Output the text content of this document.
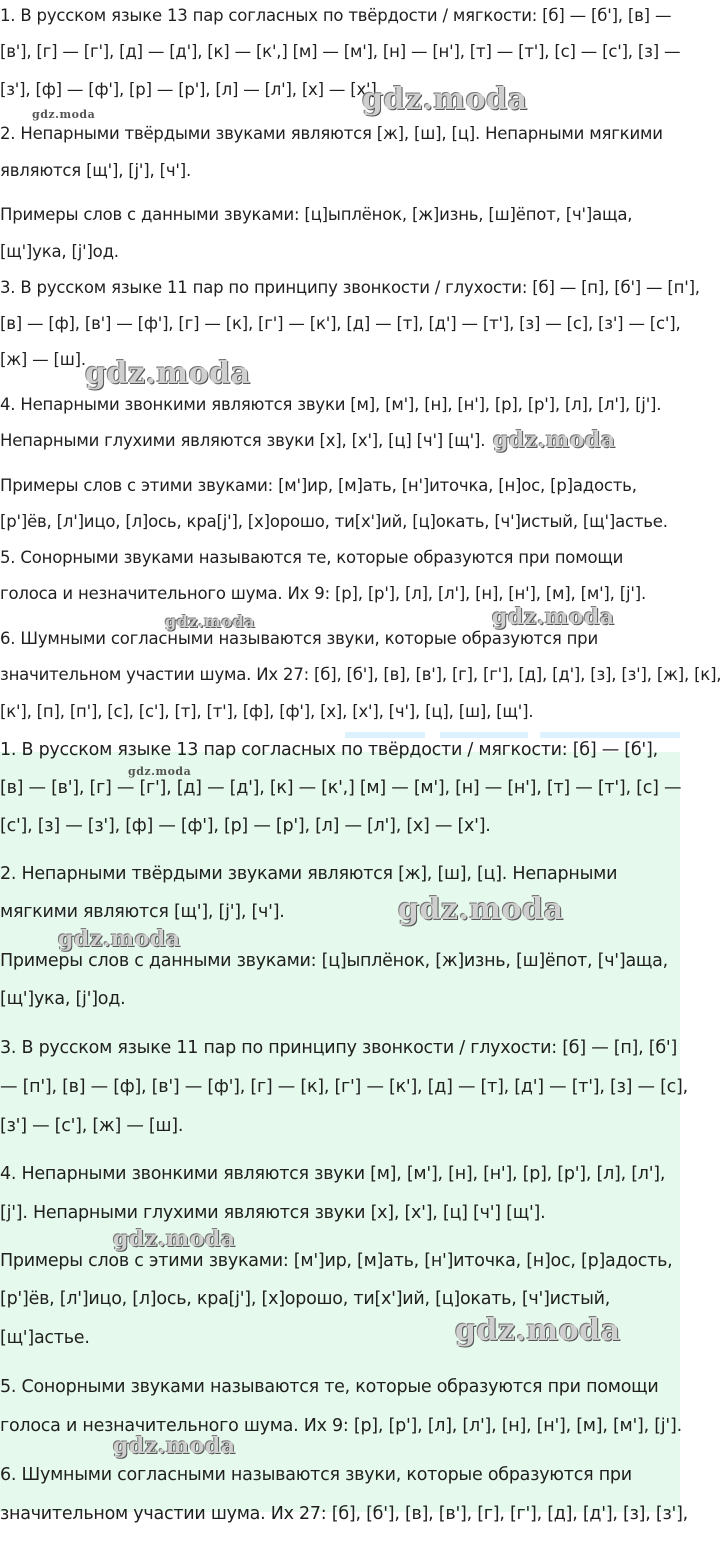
1. В русском языке 13 пар согласных по твёрдости / мягкости: [б] — [б'], [в] —
[в'], [г] — [г'], [д] — [д'], [к] — [к',] [м] — [м'], [н] — [н'], [т] — [т'], [с] — [с'], [з] —
[з'], [ф] — [ф'], [р] — [р'], [л] — [л'], [х] — [х'].
2. Непарными твёрдыми звуками являются [ж], [ш], [ц]. Непарными мягкими
являются [щ'], [j'], [ч'].
Примеры слов с данными звуками: [ц]ыплёнок, [ж]изнь, [ш]ёпот, [ч']аща,
[щ']ука, [j']од.
3. В русском языке 11 пар по принципу звонкости / глухости: [б] — [п], [б'] — [п'],
[в] — [ф], [в'] — [ф'], [г] — [к], [г'] — [к'], [д] — [т], [д'] — [т'], [з] — [с], [з'] — [с'],
[ж] — [ш].
4. Непарными звонкими являются звуки [м], [м'], [н], [н'], [р], [р'], [л], [л'], [j'].
Непарными глухими являются звуки [х], [х'], [ц] [ч'] [щ'].
Примеры слов с этими звуками: [м']ир, [м]ать, [н']иточка, [н]ос, [р]адость,
[р']ёв, [л']ицо, [л]ось, кра[j'], [х]орошо, ти[х']ий, [ц]окать, [ч']истый, [щ']астье.
5. Сонорными звуками называются те, которые образуются при помощи
голоса и незначительного шума. Их 9: [р], [р'], [л], [л'], [н], [н'], [м], [м'], [j'].
6. Шумными согласными называются звуки, которые образуются при
значительном участии шума. Их 27: [б], [б'], [в], [в'], [г], [г'], [д], [д'], [з], [з'], [ж], [к],
[к'], [п], [п'], [с], [с'], [т], [т'], [ф], [ф'], [х], [х'], [ч'], [ц], [ш], [щ'].
gdz.moda	gdz.moda
gdz.moda
gdz.moda
gdz.moda	gdz.moda
1. В русском языке 13 пар согласных по твёрдости / мягкости: [б] — [б'],
[в] — [в'], [г] — [г'], [д] — [д'], [к] — [к',] [м] — [м'], [н] — [н'], [т] — [т'], [с] —
[с'], [з] — [з'], [ф] — [ф'], [р] — [р'], [л] — [л'], [х] — [х'].
2. Непарными твёрдыми звуками являются [ж], [ш], [ц]. Непарными
мягкими являются [щ'], [j'], [ч'].
Примеры слов с данными звуками: [ц]ыплёнок, [ж]изнь, [ш]ёпот, [ч']аща,
[щ']ука, [j']од.
3. В русском языке 11 пар по принципу звонкости / глухости: [б] — [п], [б']
— [п'], [в] — [ф], [в'] — [ф'], [г] — [к], [г'] — [к'], [д] — [т], [д'] — [т'], [з] — [с],
[з'] — [с'], [ж] — [ш].
4. Непарными звонкими являются звуки [м], [м'], [н], [н'], [р], [р'], [л], [л'],
[j']. Непарными глухими являются звуки [х], [х'], [ц] [ч'] [щ'].
Примеры слов с этими звуками: [м']ир, [м]ать, [н']иточка, [н]ос, [р]адость,
[р']ёв, [л']ицо, [л]ось, кра[j'], [х]орошо, ти[х']ий, [ц]окать, [ч']истый,
[щ']астье.
5. Сонорными звуками называются те, которые образуются при помощи
голоса и незначительного шума. Их 9: [р], [р'], [л], [л'], [н], [н'], [м], [м'], [j'].
6. Шумными согласными называются звуки, которые образуются при
значительном участии шума. Их 27: [б], [б'], [в], [в'], [г], [г'], [д], [д'], [з], [з'],
gdz.moda
gdz.moda
gdz.moda
gdz.moda
gdz.moda
gdz.moda
